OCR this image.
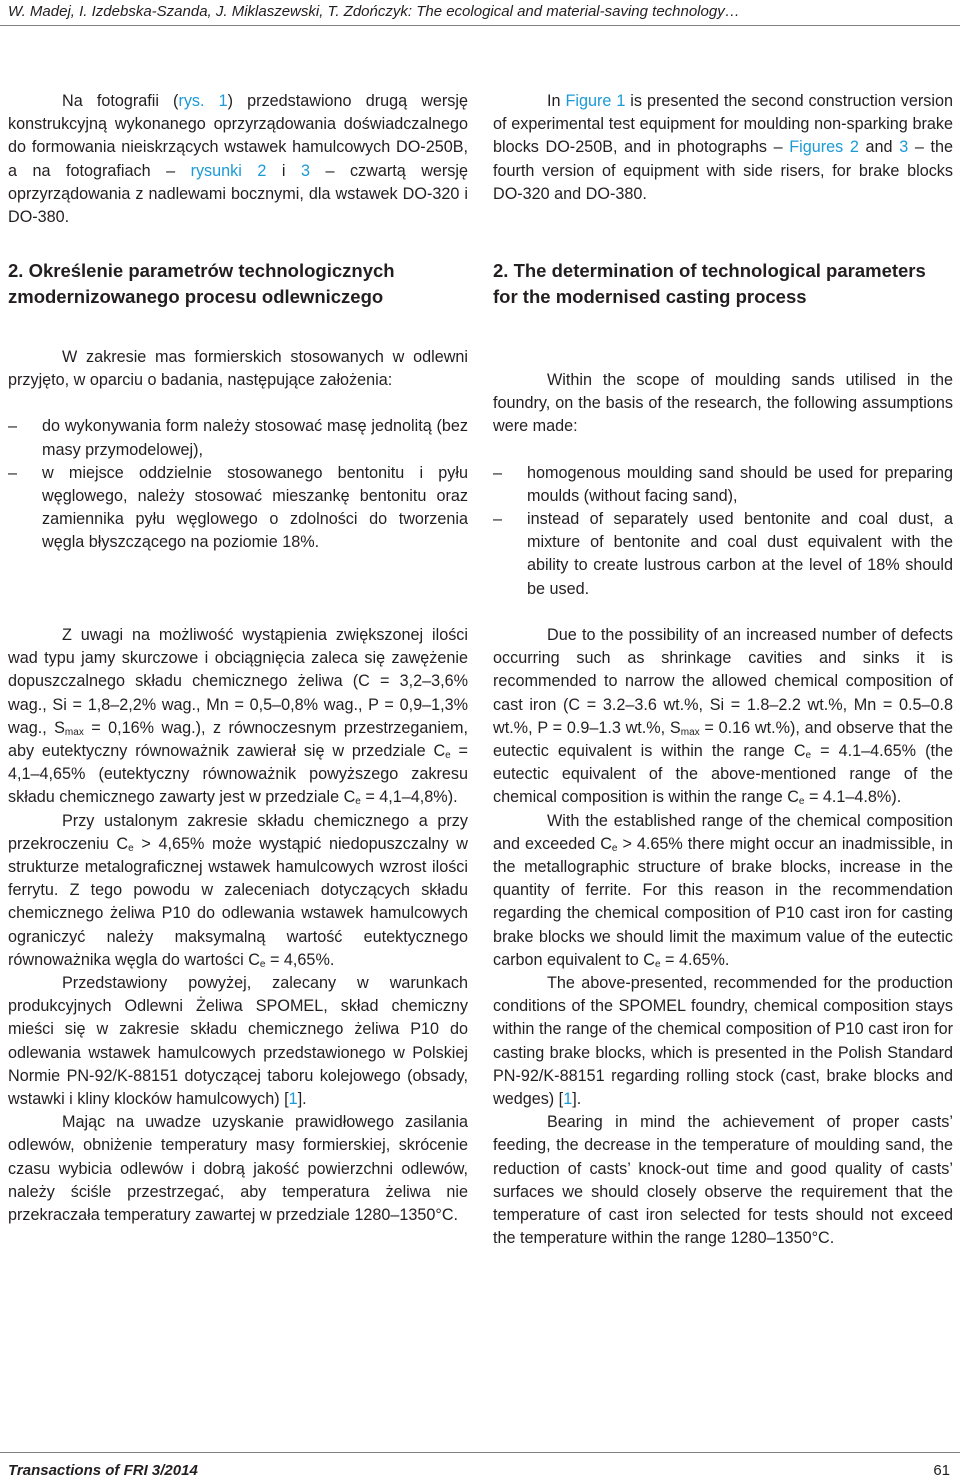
W. Madej, I. Izdebska-Szanda, J. Miklaszewski, T. Zdończyk: The ecological and material-saving technology…

Na fotografii (rys. 1) przedstawiono drugą wersję konstrukcyjną wykonanego oprzyrządowania doświadczalnego do formowania nieiskrzących wstawek hamulcowych DO-250B, a na fotografiach – rysunki 2 i 3 – czwartą wersję oprzyrządowania z nadlewami bocznymi, dla wstawek DO-320 i DO-380.

2. Określenie parametrów technologicznych zmodernizowanego procesu odlewniczego

W zakresie mas formierskich stosowanych w odlewni przyjęto, w oparciu o badania, następujące założenia:

– do wykonywania form należy stosować masę jednolitą (bez masy przymodelowej),
– w miejsce oddzielnie stosowanego bentonitu i pyłu węglowego, należy stosować mieszankę bentonitu oraz zamiennika pyłu węglowego o zdolności do tworzenia węgla błyszczącego na poziomie 18%.

Z uwagi na możliwość wystąpienia zwiększonej ilości wad typu jamy skurczowe i obciągnięcia zaleca się zawężenie dopuszczalnego składu chemicznego żeliwa (C = 3,2–3,6% wag., Si = 1,8–2,2% wag., Mn = 0,5–0,8% wag., P = 0,9–1,3% wag., $S_{max} = 0,16\%$ wag.), z równoczesnym przestrzeganiem, aby eutektyczny równoważnik zawierał się w przedziale $C_e = 4,1-4,65\%$ (eutektyczny równoważnik powyższego zakresu składu chemicznego zawarty jest w przedziale $C_e = 4,1-4,8\%$).

Przy ustalonym zakresie składu chemicznego a przy przekroczeniu $C_e > 4,65\%$ może wystąpić niedopuszczalny w strukturze metalograficznej wstawek hamulcowych wzrost ilości ferrytu. Z tego powodu w zaleceniach dotyczących składu chemicznego żeliwa P10 do odlewania wstawek hamulcowych ograniczyć należy maksymalną wartość eutektycznego równoważnika węgla do wartości $C_e = 4,65\%$.

Przedstawiony powyżej, zalecany w warunkach produkcyjnych Odlewni Żeliwa SPOMEL, skład chemiczny mieści się w zakresie składu chemicznego żeliwa P10 do odlewania wstawek hamulcowych przedstawionego w Polskiej Normie PN-92/K-88151 dotyczącej taboru kolejowego (obsady, wstawki i kliny klocków hamulcowych) [1].

Mając na uwadze uzyskanie prawidłowego zasilania odlewów, obniżenie temperatury masy formierskiej, skrócenie czasu wybicia odlewów i dobrą jakość powierzchni odlewów, należy ściśle przestrzegać, aby temperatura żeliwa nie przekraczała temperatury zawartej w przedziale 1280–1350°C.

In Figure 1 is presented the second construction version of experimental test equipment for moulding non-sparking brake blocks DO-250B, and in photographs – Figures 2 and 3 – the fourth version of equipment with side risers, for brake blocks DO-320 and DO-380.

2. The determination of technological parameters for the modernised casting process

Within the scope of moulding sands utilised in the foundry, on the basis of the research, the following assumptions were made:

– homogenous moulding sand should be used for preparing moulds (without facing sand),
– instead of separately used bentonite and coal dust, a mixture of bentonite and coal dust equivalent with the ability to create lustrous carbon at the level of 18% should be used.

Due to the possibility of an increased number of defects occurring such as shrinkage cavities and sinks it is recommended to narrow the allowed chemical composition of cast iron (C = 3.2–3.6 wt.%, Si = 1.8–2.2 wt.%, Mn = 0.5–0.8 wt.%, P = 0.9–1.3 wt.%, $S_{max} = 0.16$ wt.%), and observe that the eutectic equivalent is within the range $C_e = 4.1-4.65\%$ (the eutectic equivalent of the above-mentioned range of the chemical composition is within the range $C_e = 4.1-4.8\%$).

With the established range of the chemical composition and exceeded $C_e > 4.65\%$ there might occur an inadmissible, in the metallographic structure of brake blocks, increase in the quantity of ferrite. For this reason in the recommendation regarding the chemical composition of P10 cast iron for casting brake blocks we should limit the maximum value of the eutectic carbon equivalent to $C_e = 4.65\%$.

The above-presented, recommended for the production conditions of the SPOMEL foundry, chemical composition stays within the range of the chemical composition of P10 cast iron for casting brake blocks, which is presented in the Polish Standard PN-92/K-88151 regarding rolling stock (cast, brake blocks and wedges) [1].

Bearing in mind the achievement of proper casts’ feeding, the decrease in the temperature of moulding sand, the reduction of casts’ knock-out time and good quality of casts’ surfaces we should closely observe the requirement that the temperature of cast iron selected for tests should not exceed the temperature within the range 1280–1350°C.

Transactions of FRI 3/2014	61
